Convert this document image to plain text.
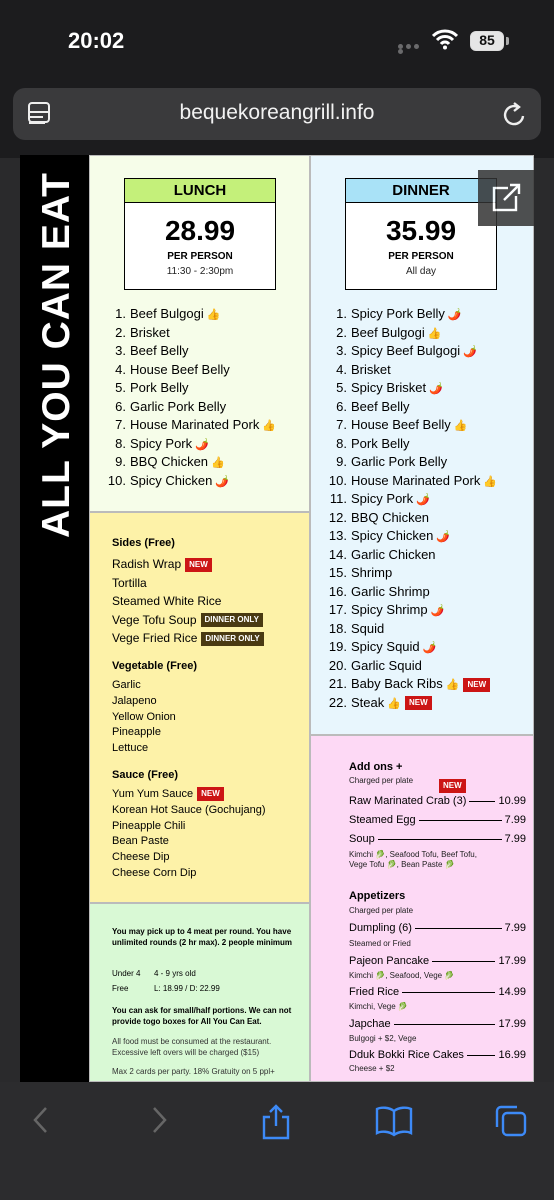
20:02	85
bequekoreangrill.info
ALL YOU CAN EAT	LUNCH
28.99
PER PERSON
11:30 - 2:30pm
1. Beef Bulgogi 👍
2. Brisket
3. Beef Belly
4. House Beef Belly
5. Pork Belly
6. Garlic Pork Belly
7. House Marinated Pork 👍
8. Spicy Pork 🌶️
9. BBQ Chicken 👍
10. Spicy Chicken 🌶️
DINNER
35.99
PER PERSON
All day
1. Spicy Pork Belly 🌶️
2. Beef Bulgogi 👍
3. Spicy Beef Bulgogi 🌶️
4. Brisket
5. Spicy Brisket 🌶️
6. Beef Belly
7. House Beef Belly 👍
8. Pork Belly
9. Garlic Pork Belly
10. House Marinated Pork 👍
11. Spicy Pork 🌶️
12. BBQ Chicken
13. Spicy Chicken 🌶️
14. Garlic Chicken
15. Shrimp
16. Garlic Shrimp
17. Spicy Shrimp 🌶️
18. Squid
19. Spicy Squid 🌶️
20. Garlic Squid
21. Baby Back Ribs 👍 NEW
22. Steak 👍 NEW
Sides (Free)
Radish Wrap NEW
Tortilla
Steamed White Rice
Vege Tofu Soup DINNER ONLY
Vege Fried Rice DINNER ONLY
Vegetable (Free)
Garlic
Jalapeno
Yellow Onion
Pineapple
Lettuce
Sauce (Free)
Yum Yum Sauce NEW
Korean Hot Sauce (Gochujang)
Pineapple Chili
Bean Paste
Cheese Dip
Cheese Corn Dip
Add ons +
Charged per plate
NEW
Raw Marinated Crab (3)	10.99
Steamed Egg	7.99
Soup	7.99
Kimchi 🥬, Seafood Tofu, Beef Tofu, Vege Tofu 🥬, Bean Paste 🥬
Appetizers
Charged per plate
Dumpling (6)	7.99
Steamed or Fried
Pajeon Pancake	17.99
Kimchi 🥬, Seafood, Vege 🥬
Fried Rice	14.99
Kimchi, Vege 🥬
Japchae	17.99
Bulgogi + $2, Vege
Dduk Bokki Rice Cakes	16.99
Cheese + $2
You may pick up to 4 meat per round. You have unlimited rounds (2 hr max). 2 people minimum
Under 4 4 - 9 yrs old
Free	L: 18.99 / D: 22.99
You can ask for small/half portions. We can not provide togo boxes for All You Can Eat.
All food must be consumed at the restaurant. Excessive left overs will be charged ($15)
Max 2 cards per party. 18% Gratuity on 5 ppl+
